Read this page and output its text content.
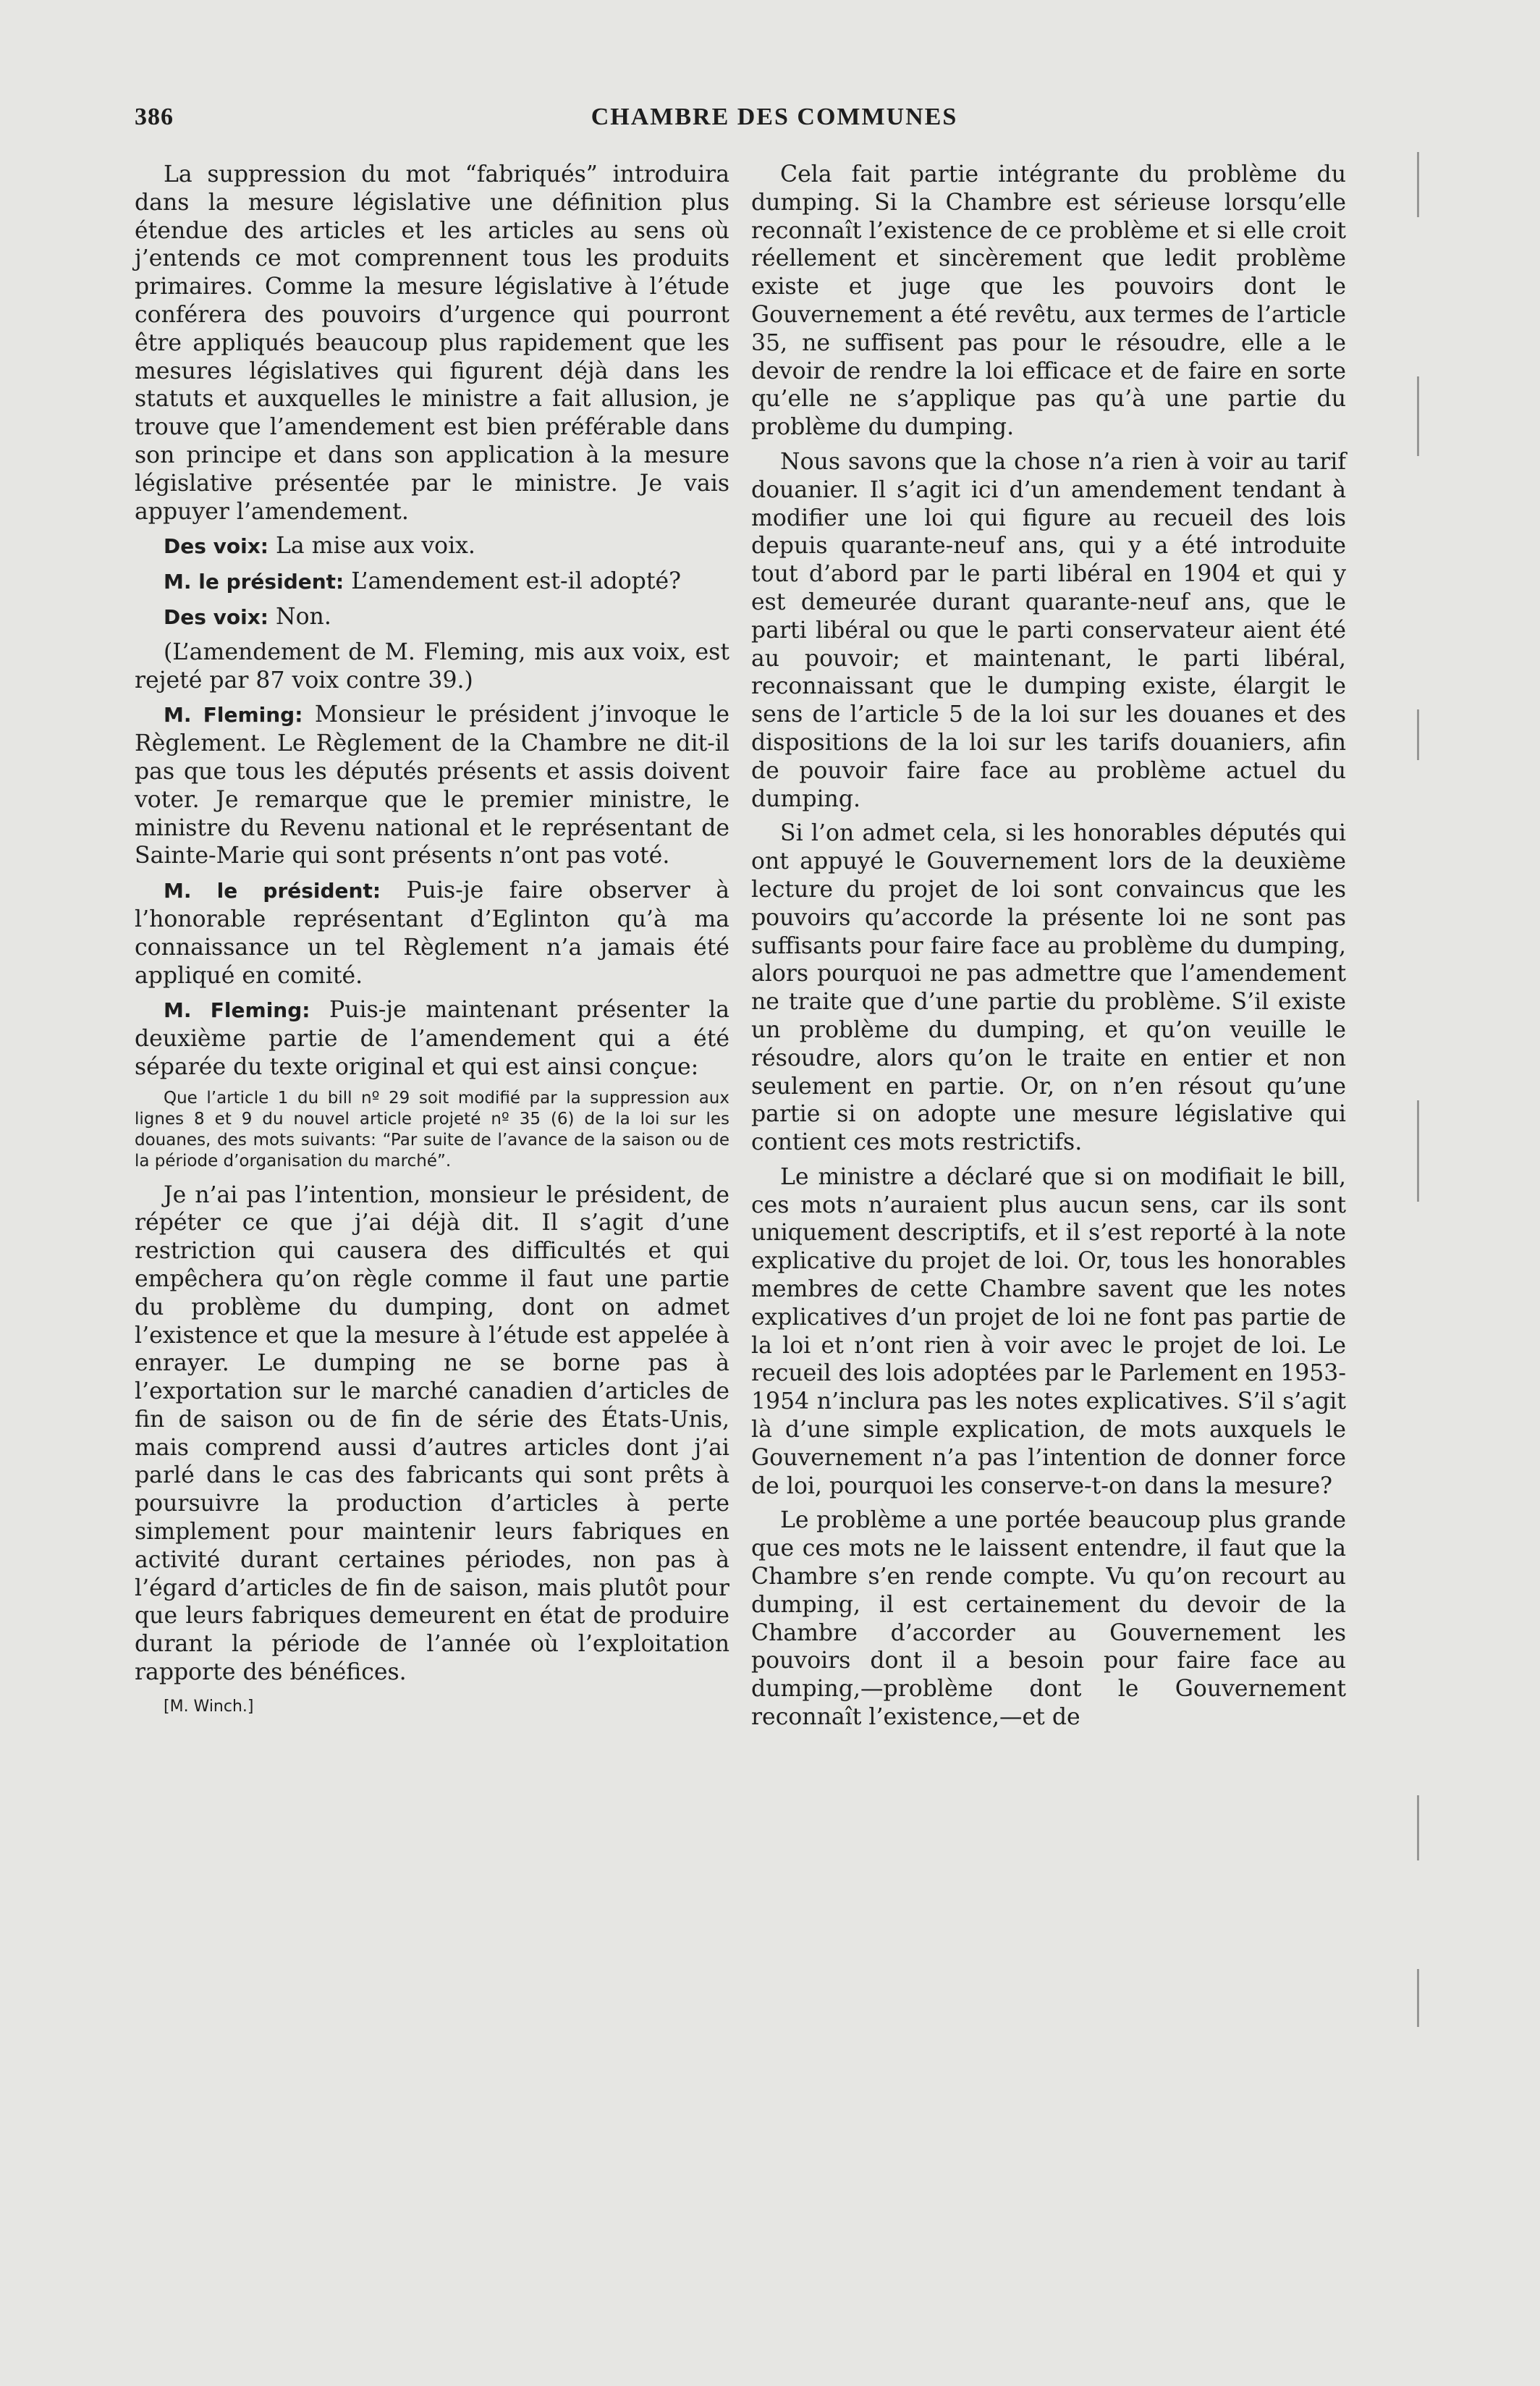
386	CHAMBRE DES COMMUNES

La suppression du mot “fabriqués” introduira dans la mesure législative une définition plus étendue des articles et les articles au sens où j’entends ce mot comprennent tous les produits primaires. Comme la mesure législative à l’étude conférera des pouvoirs d’urgence qui pourront être appliqués beaucoup plus rapidement que les mesures législatives qui figurent déjà dans les statuts et auxquelles le ministre a fait allusion, je trouve que l’amendement est bien préférable dans son principe et dans son application à la mesure législative présentée par le ministre. Je vais appuyer l’amendement.

Des voix: La mise aux voix.

M. le président: L’amendement est-il adopté?

Des voix: Non.

(L’amendement de M. Fleming, mis aux voix, est rejeté par 87 voix contre 39.)

M. Fleming: Monsieur le président j’invoque le Règlement. Le Règlement de la Chambre ne dit-il pas que tous les députés présents et assis doivent voter. Je remarque que le premier ministre, le ministre du Revenu national et le représentant de Sainte-Marie qui sont présents n’ont pas voté.

M. le président: Puis-je faire observer à l’honorable représentant d’Eglinton qu’à ma connaissance un tel Règlement n’a jamais été appliqué en comité.

M. Fleming: Puis-je maintenant présenter la deuxième partie de l’amendement qui a été séparée du texte original et qui est ainsi conçue:

Que l’article 1 du bill nº 29 soit modifié par la suppression aux lignes 8 et 9 du nouvel article projeté nº 35 (6) de la loi sur les douanes, des mots suivants: “Par suite de l’avance de la saison ou de la période d’organisation du marché”.

Je n’ai pas l’intention, monsieur le président, de répéter ce que j’ai déjà dit. Il s’agit d’une restriction qui causera des difficultés et qui empêchera qu’on règle comme il faut une partie du problème du dumping, dont on admet l’existence et que la mesure à l’étude est appelée à enrayer. Le dumping ne se borne pas à l’exportation sur le marché canadien d’articles de fin de saison ou de fin de série des États-Unis, mais comprend aussi d’autres articles dont j’ai parlé dans le cas des fabricants qui sont prêts à poursuivre la production d’articles à perte simplement pour maintenir leurs fabriques en activité durant certaines périodes, non pas à l’égard d’articles de fin de saison, mais plutôt pour que leurs fabriques demeurent en état de produire durant la période de l’année où l’exploitation rapporte des bénéfices.

[M. Winch.]

Cela fait partie intégrante du problème du dumping. Si la Chambre est sérieuse lorsqu’elle reconnaît l’existence de ce problème et si elle croit réellement et sincèrement que ledit problème existe et juge que les pouvoirs dont le Gouvernement a été revêtu, aux termes de l’article 35, ne suffisent pas pour le résoudre, elle a le devoir de rendre la loi efficace et de faire en sorte qu’elle ne s’applique pas qu’à une partie du problème du dumping.

Nous savons que la chose n’a rien à voir au tarif douanier. Il s’agit ici d’un amendement tendant à modifier une loi qui figure au recueil des lois depuis quarante-neuf ans, qui y a été introduite tout d’abord par le parti libéral en 1904 et qui y est demeurée durant quarante-neuf ans, que le parti libéral ou que le parti conservateur aient été au pouvoir; et maintenant, le parti libéral, reconnaissant que le dumping existe, élargit le sens de l’article 5 de la loi sur les douanes et des dispositions de la loi sur les tarifs douaniers, afin de pouvoir faire face au problème actuel du dumping.

Si l’on admet cela, si les honorables députés qui ont appuyé le Gouvernement lors de la deuxième lecture du projet de loi sont convaincus que les pouvoirs qu’accorde la présente loi ne sont pas suffisants pour faire face au problème du dumping, alors pourquoi ne pas admettre que l’amendement ne traite que d’une partie du problème. S’il existe un problème du dumping, et qu’on veuille le résoudre, alors qu’on le traite en entier et non seulement en partie. Or, on n’en résout qu’une partie si on adopte une mesure législative qui contient ces mots restrictifs.

Le ministre a déclaré que si on modifiait le bill, ces mots n’auraient plus aucun sens, car ils sont uniquement descriptifs, et il s’est reporté à la note explicative du projet de loi. Or, tous les honorables membres de cette Chambre savent que les notes explicatives d’un projet de loi ne font pas partie de la loi et n’ont rien à voir avec le projet de loi. Le recueil des lois adoptées par le Parlement en 1953-1954 n’inclura pas les notes explicatives. S’il s’agit là d’une simple explication, de mots auxquels le Gouvernement n’a pas l’intention de donner force de loi, pourquoi les conserve-t-on dans la mesure?

Le problème a une portée beaucoup plus grande que ces mots ne le laissent entendre, il faut que la Chambre s’en rende compte. Vu qu’on recourt au dumping, il est certainement du devoir de la Chambre d’accorder au Gouvernement les pouvoirs dont il a besoin pour faire face au dumping,—problème dont le Gouvernement reconnaît l’existence,—et de
